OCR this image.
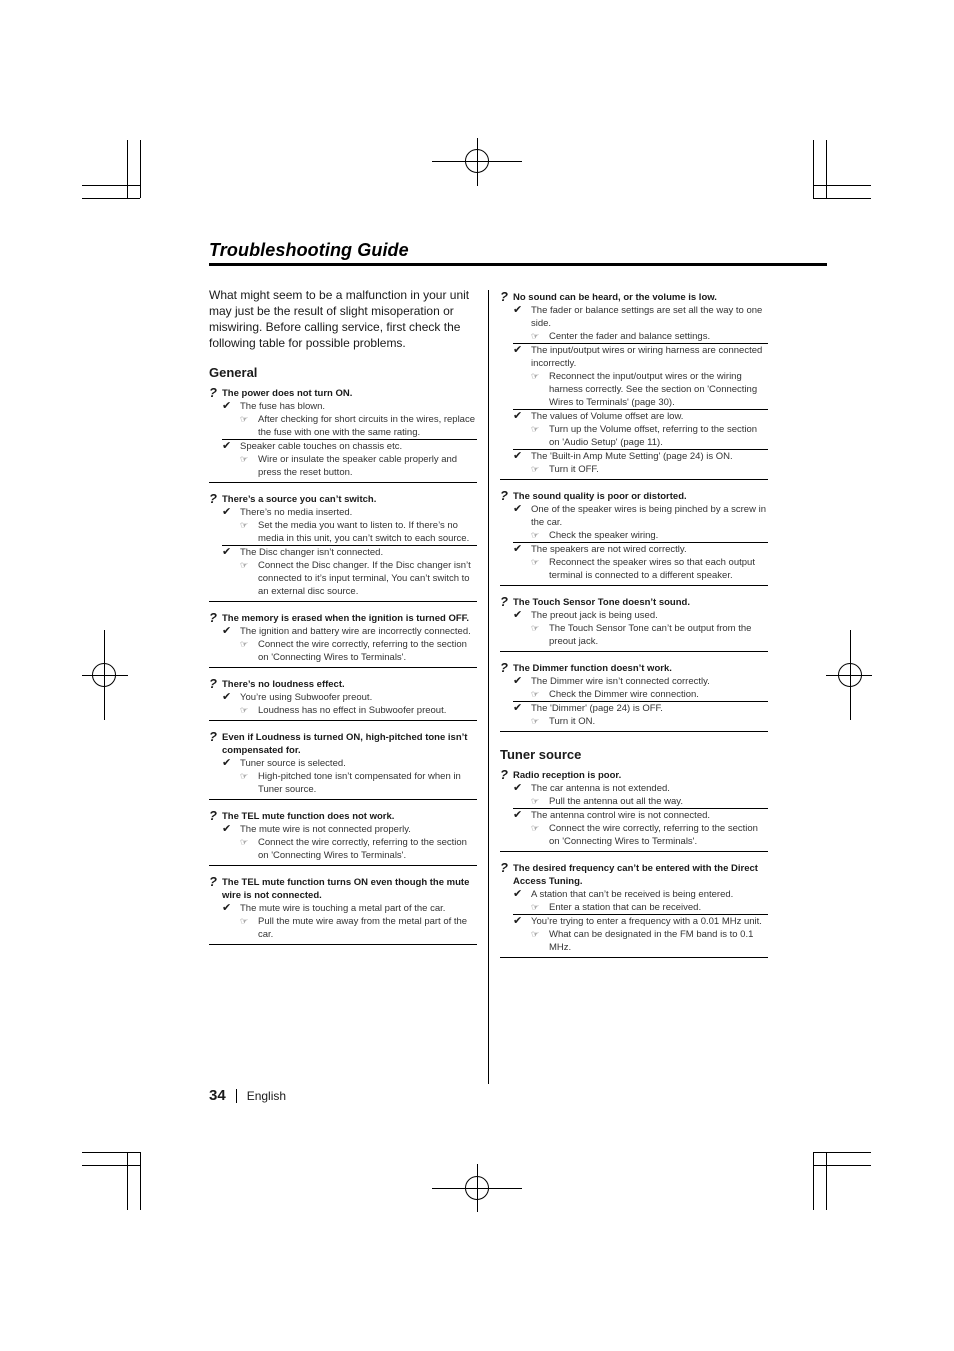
Troubleshooting Guide

What might seem to be a malfunction in your unit may just be the result of slight misoperation or miswiring. Before calling service, first check the following table for possible problems.

General
? The power does not turn ON.
✔ The fuse has blown.
☞	After checking for short circuits in the wires, replace the fuse with one with the same rating.
✔ Speaker cable touches on chassis etc.
☞	Wire or insulate the speaker cable properly and press the reset button.
? There’s a source you can’t switch.
✔ There’s no media inserted.
☞	Set the media you want to listen to. If there’s no media in this unit, you can’t switch to each source.
✔ The Disc changer isn’t connected.
☞	Connect the Disc changer. If the Disc changer isn’t connected to it’s input terminal, You can’t switch to an external disc source.
? The memory is erased when the ignition is turned OFF.
✔ The ignition and battery wire are incorrectly connected.
☞	Connect the wire correctly, referring to the section on 'Connecting Wires to Terminals'.
? There’s no loudness effect.
✔ You’re using Subwoofer preout.
☞	Loudness has no effect in Subwoofer preout.
? Even if Loudness is turned ON, high-pitched tone isn’t compensated for.
✔ Tuner source is selected.
☞	High-pitched tone isn’t compensated for when in Tuner source.
? The TEL mute function does not work.
✔ The mute wire is not connected properly.
☞	Connect the wire correctly, referring to the section on 'Connecting Wires to Terminals'.
? The TEL mute function turns ON even though the mute wire is not connected.
✔ The mute wire is touching a metal part of the car.
☞	Pull the mute wire away from the metal part of the car.
? No sound can be heard, or the volume is low.
✔ The fader or balance settings are set all the way to one side.
☞	Center the fader and balance settings.
✔ The input/output wires or wiring harness are connected incorrectly.
☞	Reconnect the input/output wires or the wiring harness correctly. See the section on 'Connecting Wires to Terminals' (page 30).
✔ The values of Volume offset are low.
☞	Turn up the Volume offset, referring to the section on 'Audio Setup' (page 11).
✔ The 'Built-in Amp Mute Setting' (page 24) is ON.
☞	Turn it OFF.
? The sound quality is poor or distorted.
✔ One of the speaker wires is being pinched by a screw in the car.
☞	Check the speaker wiring.
✔ The speakers are not wired correctly.
☞	Reconnect the speaker wires so that each output terminal is connected to a different speaker.
? The Touch Sensor Tone doesn’t sound.
✔ The preout jack is being used.
☞	The Touch Sensor Tone can’t be output from the preout jack.
? The Dimmer function doesn’t work.
✔ The Dimmer wire isn’t connected correctly.
☞	Check the Dimmer wire connection.
✔ The 'Dimmer' (page 24) is OFF.
☞	Turn it ON.
Tuner source
? Radio reception is poor.
✔ The car antenna is not extended.
☞	Pull the antenna out all the way.
✔ The antenna control wire is not connected.
☞	Connect the wire correctly, referring to the section on 'Connecting Wires to Terminals'.
? The desired frequency can’t be entered with the Direct Access Tuning.
✔ A station that can’t be received is being entered.
☞	Enter a station that can be received.
✔ You’re trying to enter a frequency with a 0.01 MHz unit.
☞	What can be designated in the FM band is to 0.1 MHz.
34 English
